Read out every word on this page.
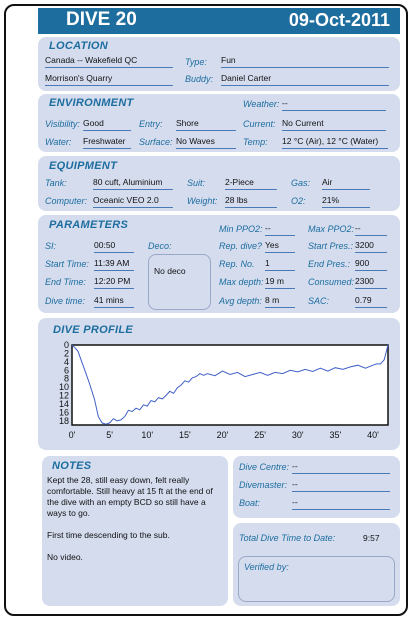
DIVE 20	09-Oct-2011
LOCATION
Canada -- Wakefield QC
Morrison's Quarry
Type: Fun
Buddy: Daniel Carter
ENVIRONMENT	Weather: --
Visibility: Good	Entry: Shore	Current: No Current
Water: Freshwater	Surface: No Waves	Temp: 12 °C (Air), 12 °C (Water)
EQUIPMENT
Tank:	80 cuft, Aluminium	Suit: 2-Piece	Gas: Air
Computer: Oceanic VEO 2.0	Weight: 28 lbs	O2: 21%
PARAMETERS	Min PPO2: --	Max PPO2: --
SI:	00:50	Deco:
No deco
Rep. dive? Yes	Start Pres.: 3200
Start Time: 11:39 AM	Rep. No. 1	End Pres.: 900
End Time: 12:20 PM	Max depth: 19 m	Consumed: 2300
Dive time: 41 mins	Avg depth: 8 m	SAC:	0.79
DIVE PROFILE
0
2
4
6
8
10
12
14
16
18
0'	5'	10'	15'	20'	25'	30'	35'	40'
NOTES

Kept the 28, still easy down, felt really comfortable. Still heavy at 15 ft at the end of the dive with an empty BCD so still have a ways to go.

First time descending to the sub.

No video.

Dive Centre: --
Divemaster: --
Boat:	--
Total Dive Time to Date:	9:57
Verified by:
